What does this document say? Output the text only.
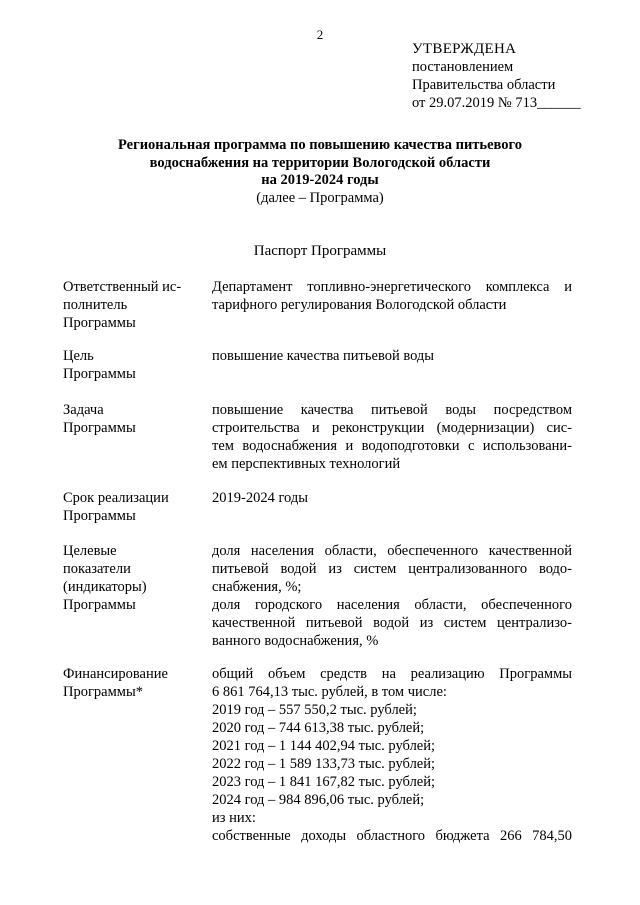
2
УТВЕРЖДЕНА
постановлением
Правительства области
от 29.07.2019 № 713______
Региональная программа по повышению качества питьевого
водоснабжения на территории Вологодской области
на 2019-2024 годы
(далее – Программа)
Паспорт Программы
Ответственный ис-
полнитель
Программы
Департамент топливно-энергетического комплекса и
тарифного регулирования Вологодской области
Цель
Программы
повышение качества питьевой воды
Задача
Программы
повышение качества питьевой воды посредством
строительства и реконструкции (модернизации) сис-
тем водоснабжения и водоподготовки с использовани-
ем перспективных технологий
Срок реализации
Программы
2019-2024 годы
Целевые
показатели
(индикаторы)
Программы
доля населения области, обеспеченного качественной
питьевой водой из систем централизованного водо-
снабжения, %;
доля городского населения области, обеспеченного
качественной питьевой водой из систем централизо-
ванного водоснабжения, %
Финансирование
Программы*
общий объем средств на реализацию Программы
6 861 764,13 тыс. рублей, в том числе:
2019 год – 557 550,2 тыс. рублей;
2020 год – 744 613,38 тыс. рублей;
2021 год – 1 144 402,94 тыс. рублей;
2022 год – 1 589 133,73 тыс. рублей;
2023 год – 1 841 167,82 тыс. рублей;
2024 год – 984 896,06 тыс. рублей;
из них:
собственные доходы областного бюджета 266 784,50
